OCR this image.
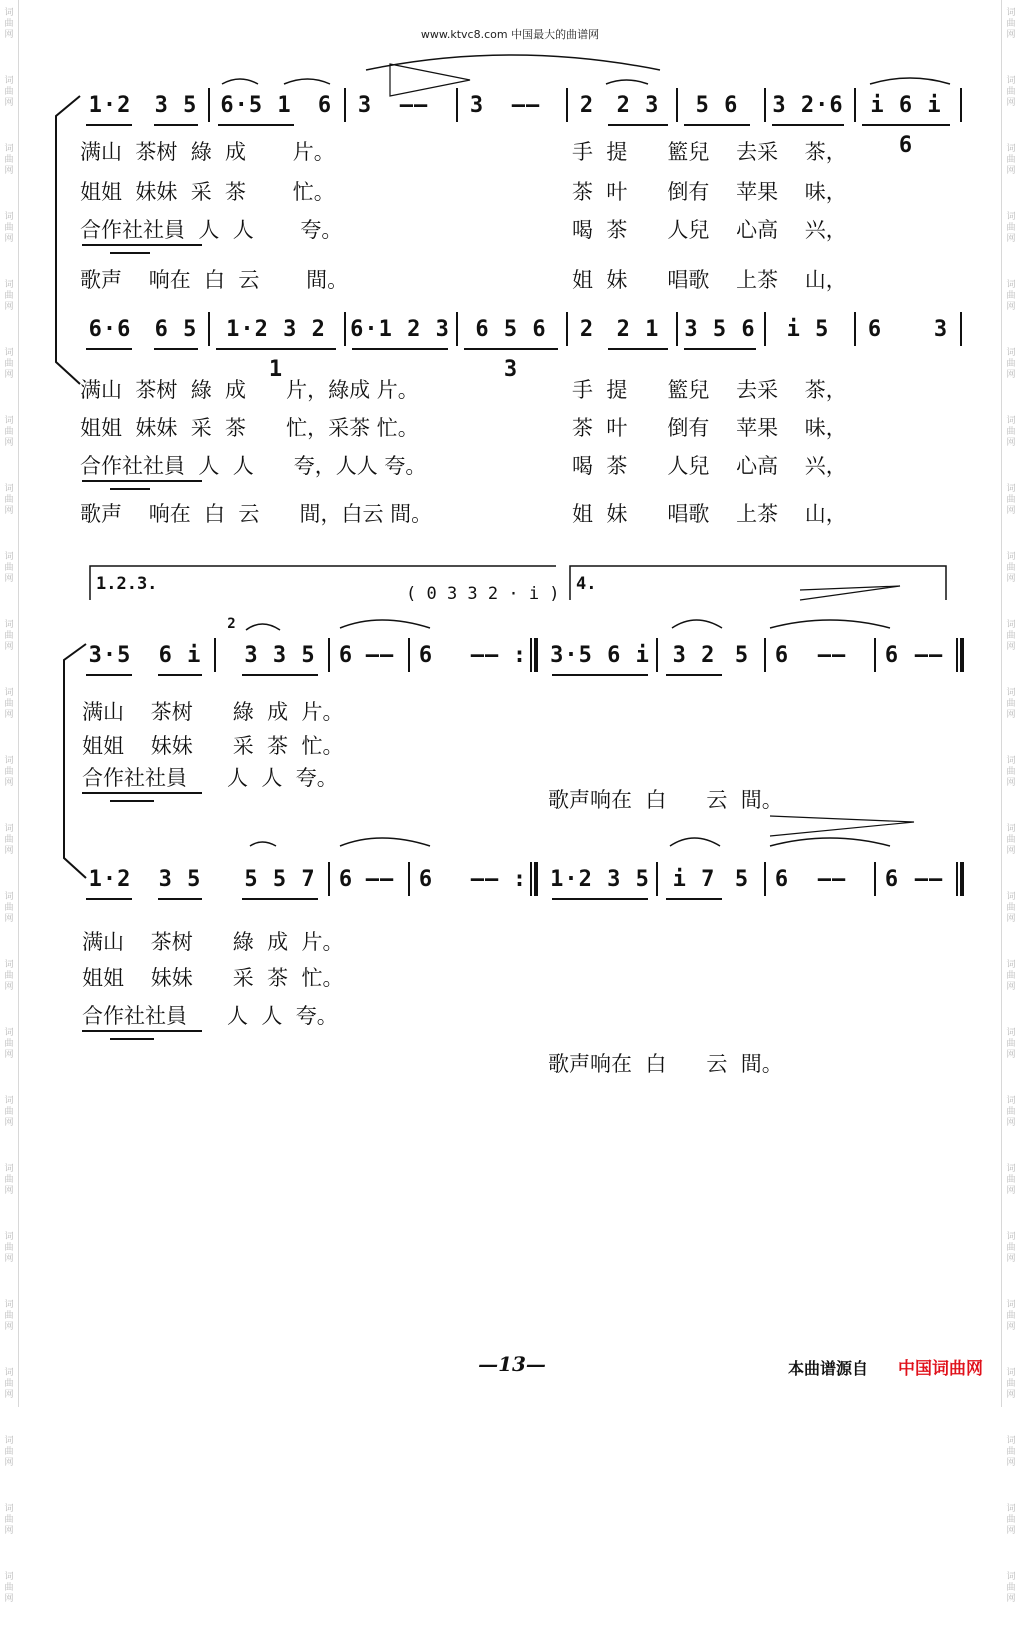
词
曲
网
词
曲
网
词
曲
网
词
曲
网
词
曲
网
词
曲
网
词
曲
网
词
曲
网
词
曲
网
词
曲
网
词
曲
网
词
曲
网
词
曲
网
词
曲
网
词
曲
网
词
曲
网
词
曲
网
词
曲
网
词
曲
网
词
曲
网
词
曲
网
词
曲
网
词
曲
网
词
曲
网
词
曲
网
词
曲
网
词
曲
网
词
曲
网
词
曲
网
词
曲
网
词
曲
网
词
曲
网
词
曲
网
词
曲
网
词
曲
网
词
曲
网
词
曲
网
词
曲
网
词
曲
网
词
曲
网
词
曲
网
词
曲
网
词
曲
网
词
曲
网
词
曲
网
词
曲
网
词
曲
网
词
曲
网
www.ktvc8.com 中国最大的曲谱网
1·2 3 5 6·5 1	6	3	——	3	——	2	2 3	5 6	3 2·6	i 6 i 6
满山  茶树  綠  成       片。	手  提      籃兒    去采    茶，
姐姐  妹妹  采  茶       忙。	茶  叶      倒有    苹果    味，
合作社社員  人  人       夸。	喝  茶      人兒    心高    兴，
歌声    响在  白  云       間。	姐  妹      唱歌    上茶    山，
6·6 6 5	1·2 3 2 1
6·1 2 3	6 5 6 3
2	2 1	3 5 6	i 5	6	3
满山  茶树  綠  成      片，綠成 片。	手  提      籃兒    去采    茶，
姐姐  妹妹  采  茶      忙，采茶 忙。	茶  叶      倒有    苹果    味，
合作社社員  人  人      夸，人人 夸。	喝  茶      人兒    心高    兴，
歌声    响在  白  云      間，白云 間。	姐  妹      唱歌    上茶    山，
1.2.3.	4.
( 0 3 3 2 · i )
2
3·5 6 i 3 3 5 6 ——	6	—— : 3·5 6 i	3 2 5 6	——	6 ——
满山    茶树      綠  成  片。
姐姐    妹妹      采  茶  忙。
合作社社員      人  人  夸。
歌声响在  白      云  間。
1·2 3 5 5 5 7 6 ——	6	—— : 1·2 3 5	i 7 5 6	——	6 ——
满山    茶树      綠  成  片。
姐姐    妹妹      采  茶  忙。
合作社社員      人  人  夸。
歌声响在  白      云  間。
—13—	本曲谱源自 中国词曲网
